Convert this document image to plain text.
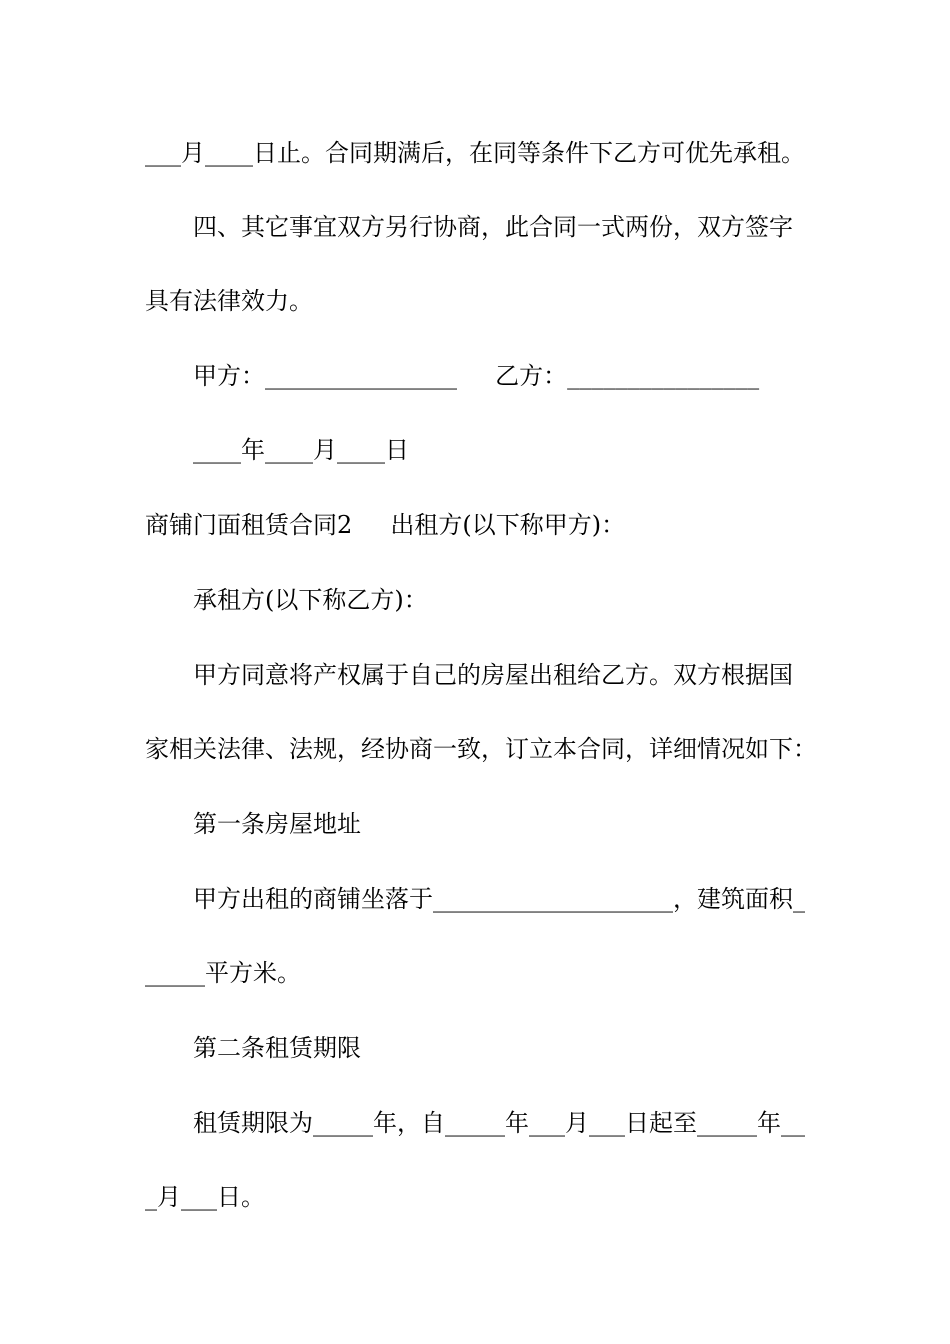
___月____日止。合同期满后，在同等条件下乙方可优先承租。
四、其它事宜双方另行协商，此合同一式两份，双方签字
具有法律效力。
甲方：________________     乙方：________________
____年____月____日
商铺门面租赁合同2     出租方(以下称甲方)：
承租方(以下称乙方)：
甲方同意将产权属于自己的房屋出租给乙方。双方根据国
家相关法律、法规，经协商一致，订立本合同，详细情况如下：
第一条房屋地址
甲方出租的商铺坐落于____________________，建筑面积_
_____平方米。
第二条租赁期限
租赁期限为_____年，自_____年___月___日起至_____年__
_月___日。
